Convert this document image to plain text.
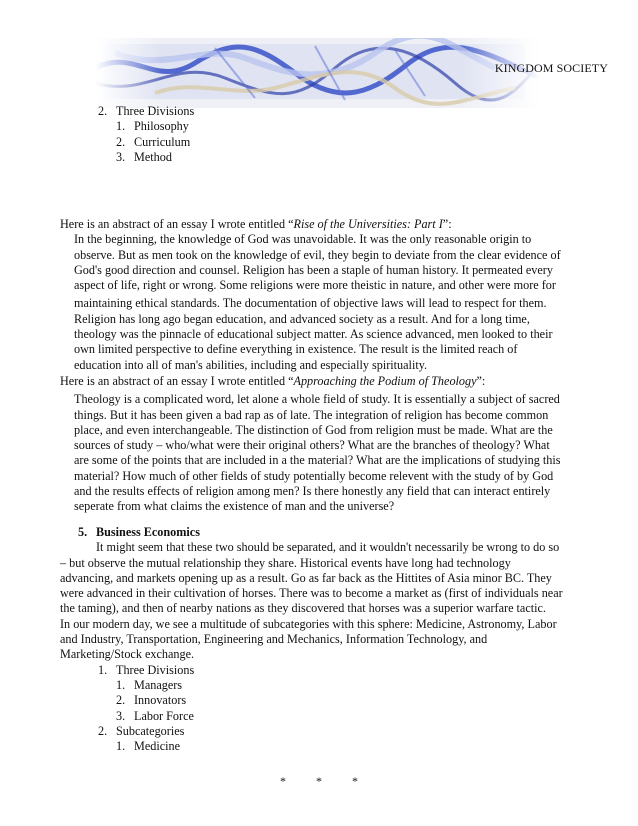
KINGDOM SOCIETY
2. Three Divisions
1. Philosophy
2. Curriculum
3. Method
Here is an abstract of an essay I wrote entitled “Rise of the Universities: Part I”:
In the beginning, the knowledge of God was unavoidable. It was the only reasonable origin to
observe. But as men took on the knowledge of evil, they begin to deviate from the clear evidence of
God's good direction and counsel. Religion has been a staple of human history. It permeated every
aspect of life, right or wrong. Some religions were more theistic in nature, and other were more for
maintaining ethical standards. The documentation of objective laws will lead to respect for them.
Religion has long ago began education, and advanced society as a result. And for a long time,
theology was the pinnacle of educational subject matter. As science advanced, men looked to their
own limited perspective to define everything in existence. The result is the limited reach of
education into all of man's abilities, including and especially spirituality.
Here is an abstract of an essay I wrote entitled “Approaching the Podium of Theology”:
Theology is a complicated word, let alone a whole field of study. It is essentially a subject of sacred
things. But it has been given a bad rap as of late. The integration of religion has become common
place, and even interchangeable. The distinction of God from religion must be made. What are the
sources of study – who/what were their original others? What are the branches of theology? What
are some of the points that are included in a the material? What are the implications of studying this
material? How much of other fields of study potentially become relevent with the study of by God
and the results effects of religion among men? Is there honestly any field that can interact entirely
seperate from what claims the existence of man and the universe?
5. Business Economics
It might seem that these two should be separated, and it wouldn't necessarily be wrong to do so
– but observe the mutual relationship they share. Historical events have long had technology
advancing, and markets opening up as a result. Go as far back as the Hittites of Asia minor BC. They
were advanced in their cultivation of horses. There was to become a market as (first of individuals near
the taming), and then of nearby nations as they discovered that horses was a superior warfare tactic.
In our modern day, we see a multitude of subcategories with this sphere: Medicine, Astronomy, Labor
and Industry, Transportation, Engineering and Mechanics, Information Technology, and
Marketing/Stock exchange.
1. Three Divisions
1. Managers
2. Innovators
3. Labor Force
2. Subcategories
1. Medicine
*	*	*
